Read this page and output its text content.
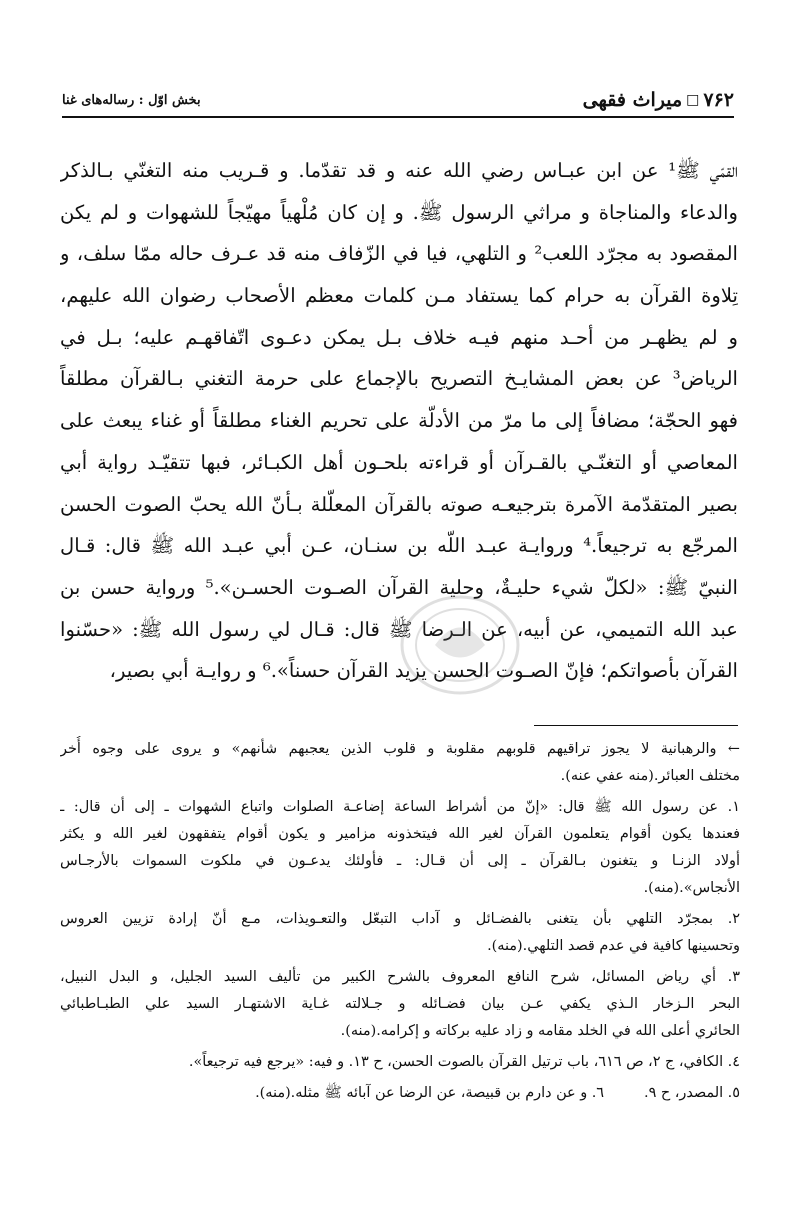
۷۶۲
□
میراث فقهی
بخش اوّل : رساله‌های غنا
القمّي ﷺ¹ عن ابن عبـاس رضي الله عنه و قد تقدّما. و قـريب منه التغنّي بـالذكر
والدعاء والمناجاة و مراثي الرسول ﷺ. و إن كان مُلْهياً مهيّجاً للشهوات و لم يكن
المقصود به مجرّد اللعب² و التلهي، فيا في الزّفاف منه قد عـرف حاله ممّا سلف، و
تِلاوة القرآن به حرام كما يستفاد مـن كلمات معظم الأصحاب رضوان الله عليهم،
و لم يظهـر من أحـد منهم فيـه خلاف بـل يمكن دعـوى اتّفاقهـم عليه؛ بـل في
الرياض³ عن بعض المشايـخ التصريح بالإجماع على حرمة التغني بـالقرآن مطلقاً
فهو الحجّة؛ مضافاً إلى ما مرّ من الأدلّة على تحريم الغناء مطلقاً أو غناء يبعث على
المعاصي أو التغنّـي بالقـرآن أو قراءته بلحـون أهل الكبـائر، فبها تتقيّـد رواية أبي
بصير المتقدّمة الآمرة بترجيعـه صوته بالقرآن المعلّلة بـأنّ الله يحبّ الصوت الحسن
المرجّع به ترجيعاً.⁴ وروايـة عبـد اللّه بن سنـان، عـن أبي عبـد الله ﷺ قال: قـال
النبيّ ﷺ: «لكلّ شيء حليـةٌ، وحلية القرآن الصـوت الحسـن».⁵ ورواية حسن بن
عبد الله التميمي، عن أبيه، عن الـرضا ﷺ قال: قـال لي رسول الله ﷺ: «حسّنوا
القرآن بأصواتكم؛ فإنّ الصـوت الحسن يزيد القرآن حسناً».⁶ و روايـة أبي بصير،
← والرهبانية لا يجوز تراقيهم قلوبهم مقلوبة و قلوب الذين يعجبهم شأنهم» و يروى على وجوه أُخر
مختلف العبائر.(منه عفي عنه).
١. عن رسول الله ﷺ قال: «إنّ من أشراط الساعة إضاعـة الصلوات واتباع الشهوات ـ إلى أن قال: ـ
فعندها يكون أقوام يتعلمون القرآن لغير الله فيتخذونه مزامير و يكون أقوام يتفقهون لغير الله و يكثر
أولاد الزنـا و يتغنون بـالقرآن ـ إلى أن قـال: ـ فأولئك يدعـون في ملكوت السموات بالأرجـاس
الأنجاس».(منه).
٢. بمجرّد التلهي بأن يتغنى بالفضـائل و آداب التبعّل والتعـويذات، مـع أنّ إرادة تزيين العروس
وتحسينها كافية في عدم قصد التلهي.(منه).
٣. أي رياض المسائل، شرح النافع المعروف بالشرح الكبير من تأليف السيد الجليل، و البدل النبيل،
البحر الـزخار الـذي يكفي عـن بيان فضـائله و جـلالته غـاية الاشتهـار السيد علي الطبـاطبائي
الحائري أعلى الله في الخلد مقامه و زاد عليه بركاته و إكرامه.(منه).
٤. الكافي، ج ٢، ص ٦١٦، باب ترتيل القرآن بالصوت الحسن، ح ١٣. و فيه: «يرجع فيه ترجيعاً».
٥. المصدر، ح ٩.
٦. و عن دارم بن قبيصة، عن الرضا عن آبائه ﷺ مثله.(منه).
